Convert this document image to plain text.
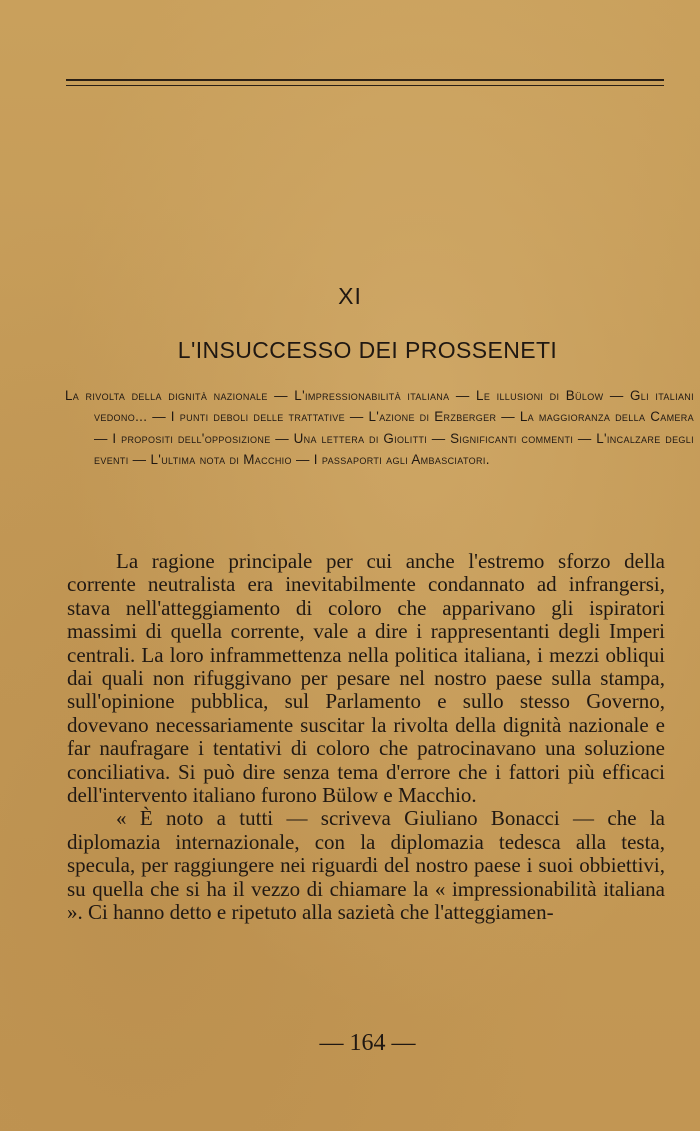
XI
L'INSUCCESSO DEI PROSSENETI

La rivolta della dignità nazionale — L'impressionabilità italiana — Le illusioni di Bülow — Gli italiani vedono... — I punti deboli delle trattative — L'azione di Erzberger — La maggioranza della Camera — I propositi dell'opposizione — Una lettera di Giolitti — Significanti commenti — L'incalzare degli eventi — L'ultima nota di Macchio — I passaporti agli Ambasciatori.

La ragione principale per cui anche l'estremo sforzo della corrente neutralista era inevitabilmente condannato ad infrangersi, stava nell'atteggiamento di coloro che apparivano gli ispiratori massimi di quella corrente, vale a dire i rappresentanti degli Imperi centrali. La loro inframmettenza nella politica italiana, i mezzi obliqui dai quali non rifuggivano per pesare nel nostro paese sulla stampa, sull'opinione pubblica, sul Parlamento e sullo stesso Governo, dovevano necessariamente suscitar la rivolta della dignità nazionale e far naufragare i tentativi di coloro che patrocinavano una soluzione conciliativa. Si può dire senza tema d'errore che i fattori più efficaci dell'intervento italiano furono Bülow e Macchio.

« È noto a tutti — scriveva Giuliano Bonacci — che la diplomazia internazionale, con la diplomazia tedesca alla testa, specula, per raggiungere nei riguardi del nostro paese i suoi obbiettivi, su quella che si ha il vezzo di chiamare la « impressionabilità italiana ». Ci hanno detto e ripetuto alla sazietà che l'atteggiamen-

— 164 —
